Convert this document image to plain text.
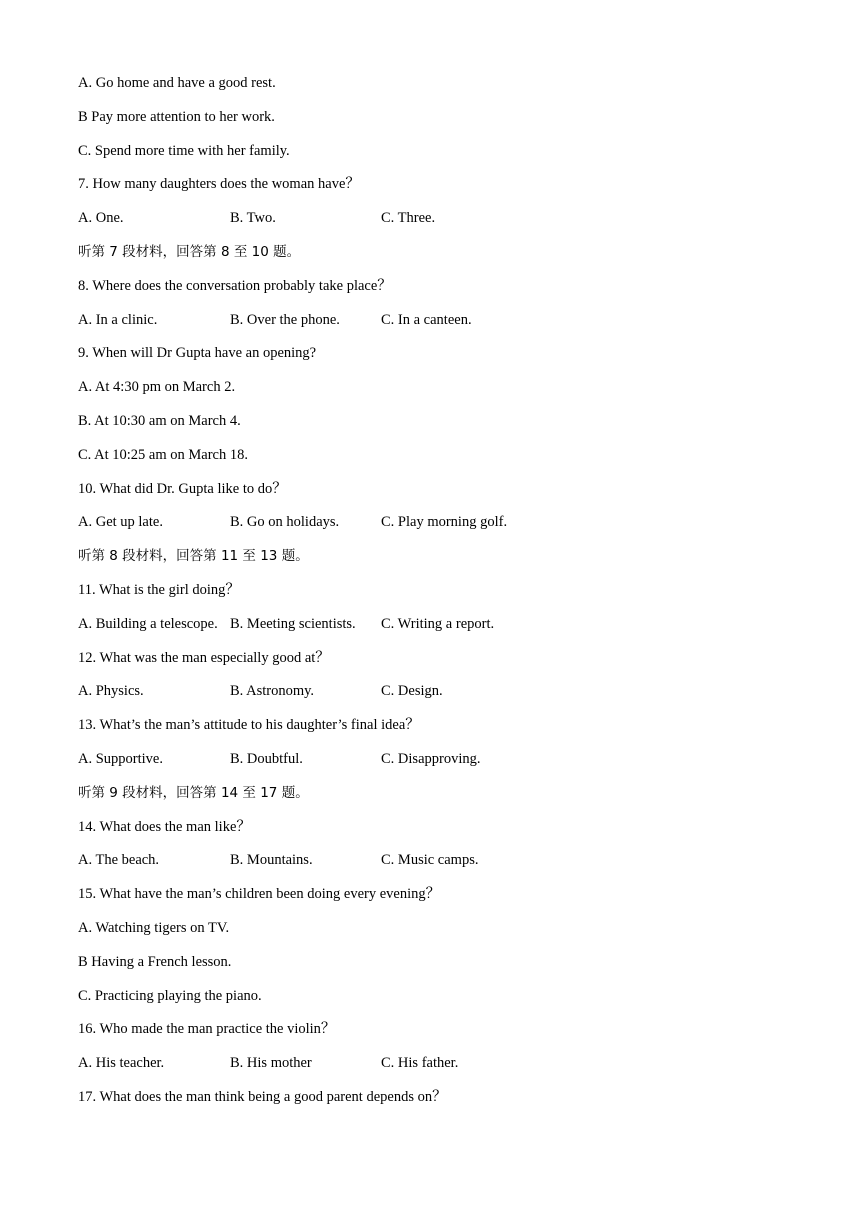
A. Go home and have a good rest.
B Pay more attention to her work.
C. Spend more time with her family.
7. How many daughters does the woman have？
A. One.	B. Two.	C. Three.
听第 7 段材料，回答第 8 至 10 题。
8. Where does the conversation probably take place？
A. In a clinic.	B. Over the phone.	C. In a canteen.
9. When will Dr Gupta have an opening?
A. At 4:30 pm on March 2.
B. At 10:30 am on March 4.
C. At 10:25 am on March 18.
10. What did Dr. Gupta like to do？
A. Get up late.	B. Go on holidays.	C. Play morning golf.
听第 8 段材料，回答第 11 至 13 题。
11. What is the girl doing？
A. Building a telescope. B. Meeting scientists. C. Writing a report.
12. What was the man especially good at？
A. Physics.	B. Astronomy.	C. Design.
13. What’s the man’s attitude to his daughter’s final idea？
A. Supportive.	B. Doubtful.	C. Disapproving.
听第 9 段材料，回答第 14 至 17 题。
14. What does the man like？
A. The beach.	B. Mountains.	C. Music camps.
15. What have the man’s children been doing every evening？
A. Watching tigers on TV.
B Having a French lesson.
C. Practicing playing the piano.
16. Who made the man practice the violin？
A. His teacher.	B. His mother	C. His father.
17. What does the man think being a good parent depends on？
